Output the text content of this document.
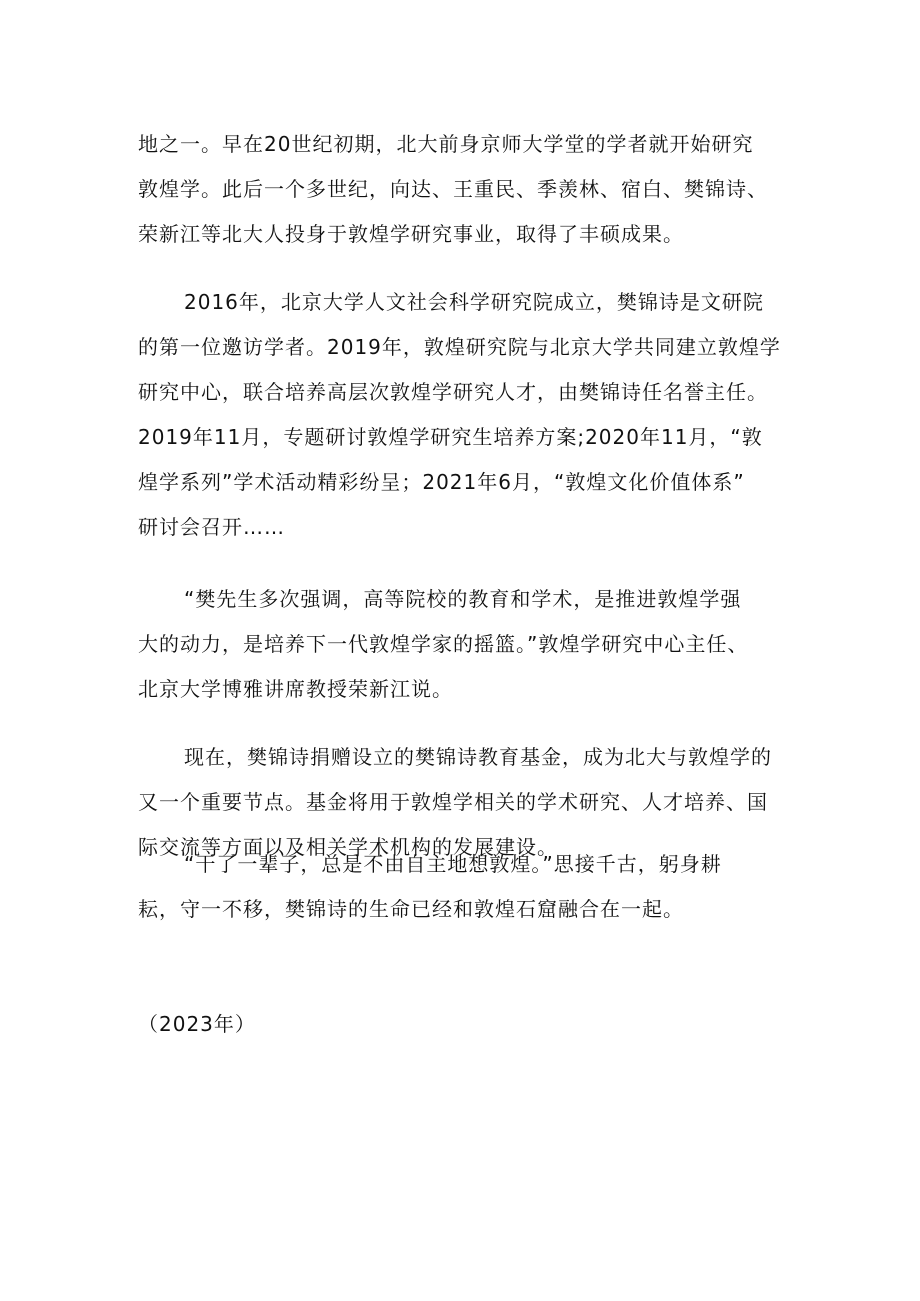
地之一。早在20世纪初期，北大前身京师大学堂的学者就开始研究
敦煌学。此后一个多世纪，向达、王重民、季羡林、宿白、樊锦诗、
荣新江等北大人投身于敦煌学研究事业，取得了丰硕成果。

2016年，北京大学人文社会科学研究院成立，樊锦诗是文研院
的第一位邀访学者。2019年，敦煌研究院与北京大学共同建立敦煌学
研究中心，联合培养高层次敦煌学研究人才，由樊锦诗任名誉主任。
2019年11月，专题研讨敦煌学研究生培养方案;2020年11月，“敦
煌学系列”学术活动精彩纷呈；2021年6月，“敦煌文化价值体系”
研讨会召开……

“樊先生多次强调，高等院校的教育和学术，是推进敦煌学强
大的动力，是培养下一代敦煌学家的摇篮。”敦煌学研究中心主任、
北京大学博雅讲席教授荣新江说。

现在，樊锦诗捐赠设立的樊锦诗教育基金，成为北大与敦煌学的
又一个重要节点。基金将用于敦煌学相关的学术研究、人才培养、国
际交流等方面以及相关学术机构的发展建设。

“干了一辈子，总是不由自主地想敦煌。”思接千古，躬身耕
耘，守一不移，樊锦诗的生命已经和敦煌石窟融合在一起。

（2023年）
